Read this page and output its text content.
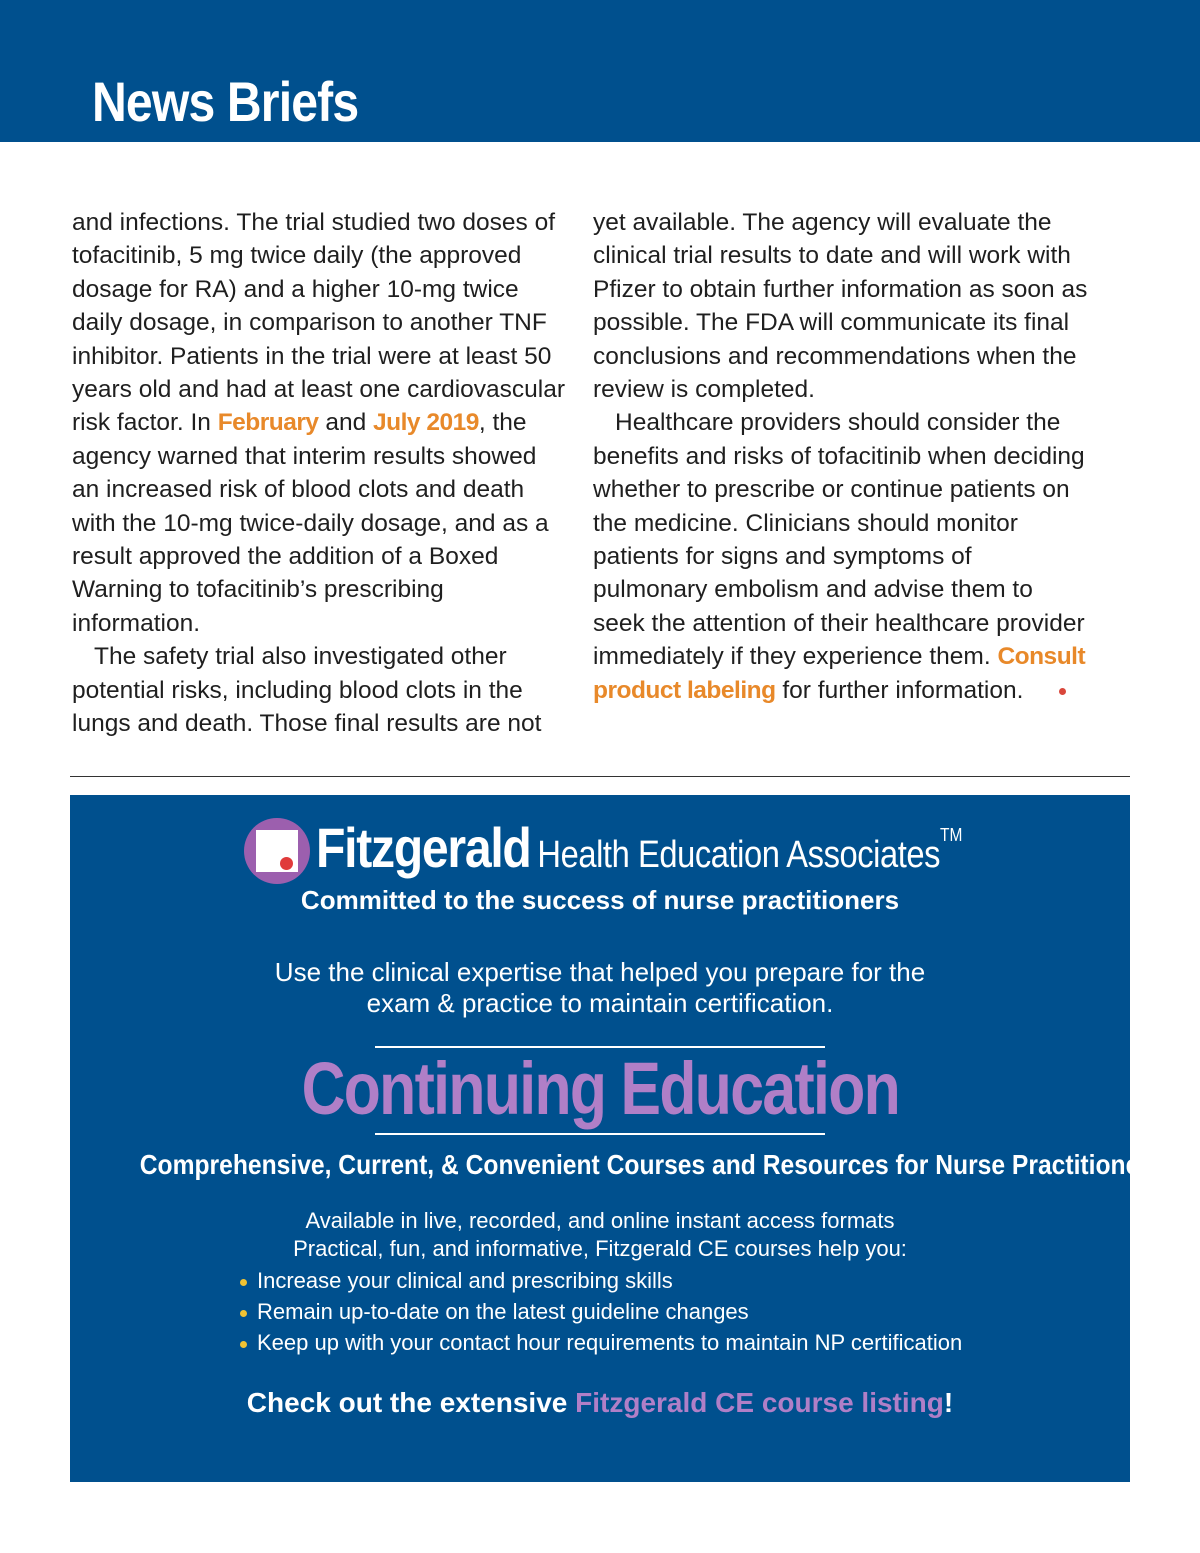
News Briefs

and infections. The trial studied two doses of tofacitinib, 5 mg twice daily (the approved dosage for RA) and a higher 10-mg twice daily dosage, in comparison to another TNF inhibitor. Patients in the trial were at least 50 years old and had at least one cardiovascular risk factor. In February and July 2019, the agency warned that interim results showed an increased risk of blood clots and death with the 10-mg twice-daily dosage, and as a result approved the addition of a Boxed Warning to tofacitinib’s prescribing information.

The safety trial also investigated other potential risks, including blood clots in the lungs and death. Those final results are not

yet available. The agency will evaluate the clinical trial results to date and will work with Pfizer to obtain further information as soon as possible. The FDA will communicate its final conclusions and recommendations when the review is completed.

Healthcare providers should consider the benefits and risks of tofacitinib when deciding whether to prescribe or continue patients on the medicine. Clinicians should monitor patients for signs and symptoms of pulmonary embolism and advise them to seek the attention of their healthcare provider immediately if they experience them. Consult product labeling for further information.

Fitzgerald Health Education AssociatesTM
Committed to the success of nurse practitioners
Use the clinical expertise that helped you prepare for the
exam & practice to maintain certification.
Continuing Education
Comprehensive, Current, & Convenient Courses and Resources for Nurse Practitioners
Available in live, recorded, and online instant access formats
Practical, fun, and informative, Fitzgerald CE courses help you:
Increase your clinical and prescribing skills
Remain up-to-date on the latest guideline changes
Keep up with your contact hour requirements to maintain NP certification
Check out the extensive Fitzgerald CE course listing!
